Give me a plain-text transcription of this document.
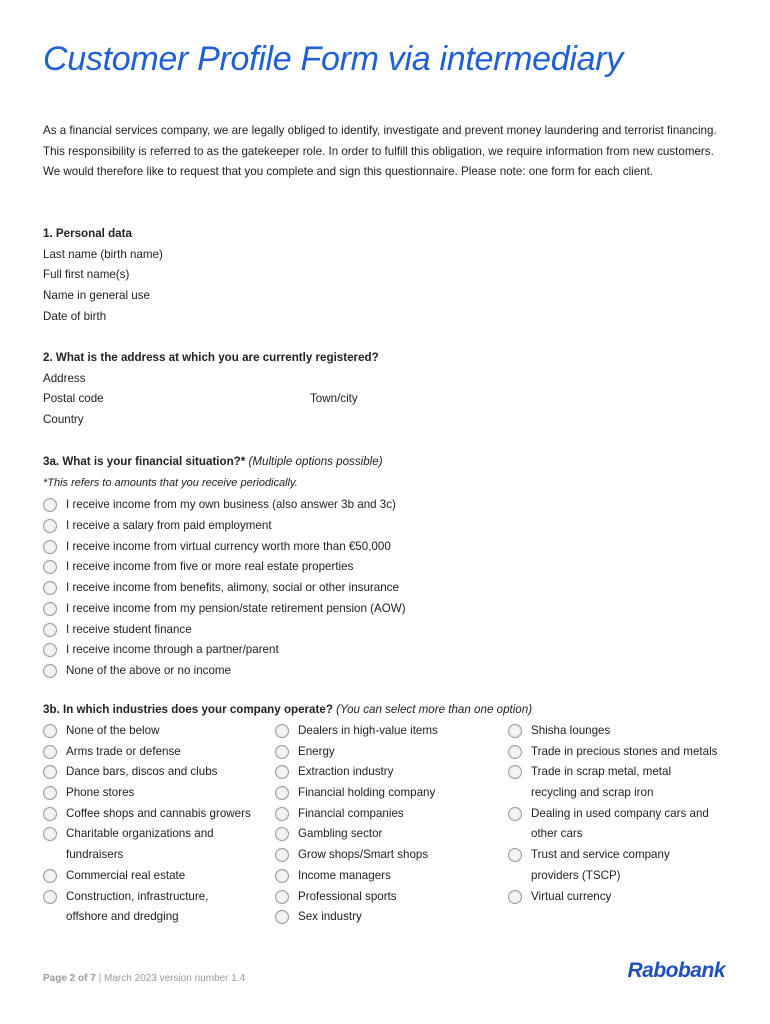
Customer Profile Form via intermediary

As a financial services company, we are legally obliged to identify, investigate and prevent money laundering and terrorist financing. This responsibility is referred to as the gatekeeper role. In order to fulfill this obligation, we require information from new customers. We would therefore like to request that you complete and sign this questionnaire. Please note: one form for each client.

1. Personal data
Last name (birth name)
Full first name(s)
Name in general use
Date of birth
2. What is the address at which you are currently registered?
Address
Postal code	Town/city
Country
3a. What is your financial situation?* (Multiple options possible)
*This refers to amounts that you receive periodically.
I receive income from my own business (also answer 3b and 3c)
I receive a salary from paid employment
I receive income from virtual currency worth more than €50,000
I receive income from five or more real estate properties
I receive income from benefits, alimony, social or other insurance
I receive income from my pension/state retirement pension (AOW)
I receive student finance
I receive income through a partner/parent
None of the above or no income
3b. In which industries does your company operate? (You can select more than one option)
None of the below
Arms trade or defense
Dance bars, discos and clubs
Phone stores
Coffee shops and cannabis growers
Charitable organizations and fundraisers
Commercial real estate
Construction, infrastructure, offshore and dredging
Dealers in high-value items
Energy
Extraction industry
Financial holding company
Financial companies
Gambling sector
Grow shops/Smart shops
Income managers
Professional sports
Sex industry
Shisha lounges
Trade in precious stones and metals
Trade in scrap metal, metal recycling and scrap iron
Dealing in used company cars and other cars
Trust and service company providers (TSCP)
Virtual currency
Page 2 of 7 | March 2023 version number 1.4	Rabobank
